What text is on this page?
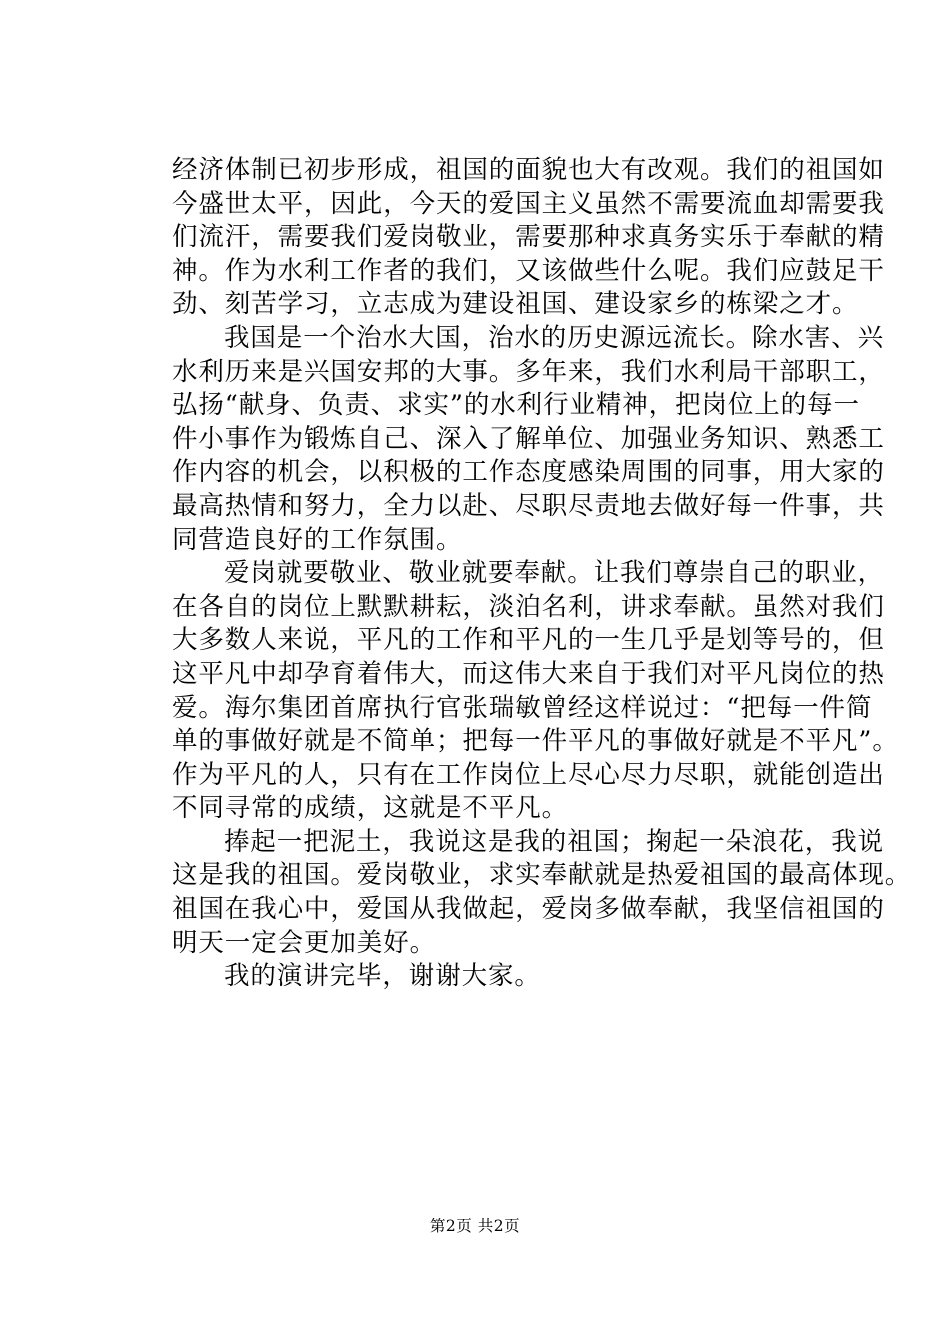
经济体制已初步形成，祖国的面貌也大有改观。我们的祖国如
今盛世太平，因此，今天的爱国主义虽然不需要流血却需要我
们流汗，需要我们爱岗敬业，需要那种求真务实乐于奉献的精
神。作为水利工作者的我们，又该做些什么呢。我们应鼓足干
劲、刻苦学习，立志成为建设祖国、建设家乡的栋梁之才。
我国是一个治水大国，治水的历史源远流长。除水害、兴
水利历来是兴国安邦的大事。多年来，我们水利局干部职工，
弘扬“献身、负责、求实”的水利行业精神，把岗位上的每一
件小事作为锻炼自己、深入了解单位、加强业务知识、熟悉工
作内容的机会，以积极的工作态度感染周围的同事，用大家的
最高热情和努力，全力以赴、尽职尽责地去做好每一件事，共
同营造良好的工作氛围。
爱岗就要敬业、敬业就要奉献。让我们尊崇自己的职业，
在各自的岗位上默默耕耘，淡泊名利，讲求奉献。虽然对我们
大多数人来说，平凡的工作和平凡的一生几乎是划等号的，但
这平凡中却孕育着伟大，而这伟大来自于我们对平凡岗位的热
爱。海尔集团首席执行官张瑞敏曾经这样说过：“把每一件简
单的事做好就是不简单；把每一件平凡的事做好就是不平凡”。
作为平凡的人，只有在工作岗位上尽心尽力尽职，就能创造出
不同寻常的成绩，这就是不平凡。
捧起一把泥土，我说这是我的祖国；掬起一朵浪花，我说
这是我的祖国。爱岗敬业，求实奉献就是热爱祖国的最高体现。
祖国在我心中，爱国从我做起，爱岗多做奉献，我坚信祖国的
明天一定会更加美好。
我的演讲完毕，谢谢大家。
第2页 共2页
